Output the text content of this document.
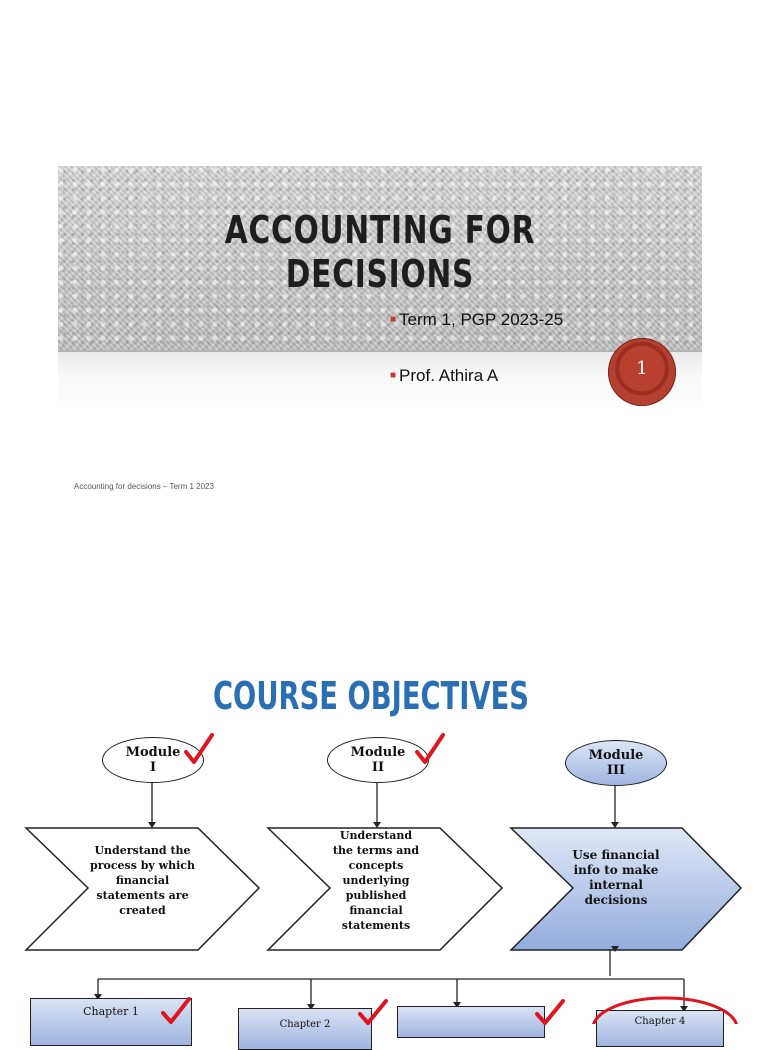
ACCOUNTING FOR DECISIONS
■ Term 1, PGP 2023-25
■ Prof. Athira A	1
Accounting for decisions – Term 1 2023
COURSE OBJECTIVES
Module
I
Module
II
Module
III
Understand the process by which financial statements are created
Understand the terms and concepts underlying published financial statements
Use financial info to make internal decisions
Chapter 1
Chapter 2	Chapter 4
